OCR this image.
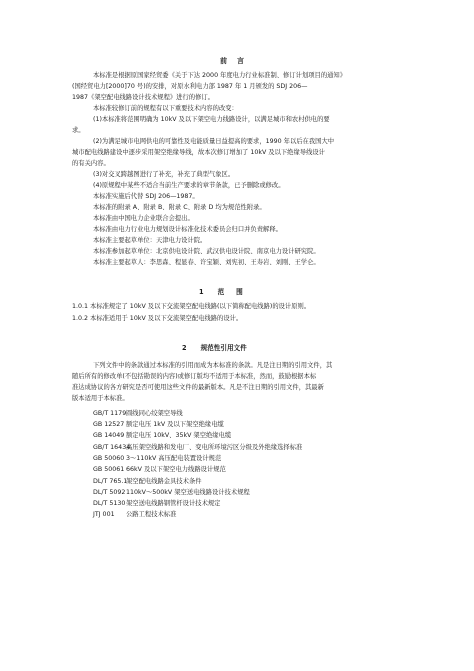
前言
本标准是根据原国家经贸委《关于下达 2000 年度电力行业标准制、修订计划项目的通知》
(国经贸电力[2000]70 号)的安排，对原水利电力部 1987 年 1 月颁发的 SDJ 206—
1987《架空配电线路设计技术规程》进行的修订。
本标准较修订前的规程有以下重要技术内容的改变：
(1)本标准将范围明确为 10kV 及以下架空电力线路设计，以满足城市和农村供电的要
求。
(2)为满足城市电网供电的可靠性及电能质量日益提高的要求，1990 年以后在我国大中
城市配电线路建设中逐步采用架空绝缘导线，故本次修订增加了 10kV 及以下绝缘导线设计
的有关内容。
(3)对交叉跨越图进行了补充，补充了典型气象区。
(4)原规程中某些不适合当前生产要求的章节条款，已予删除或修改。
本标准实施后代替 SDJ 206—1987。
本标准的附录 A、附录 B、附录 C、附录 D 均为规范性附录。
本标准由中国电力企业联合会提出。
本标准由电力行业电力规划设计标准化技术委员会归口并负责解释。
本标准主要起草单位：天津电力设计院。
本标准参加起草单位：北京供电设计院、武汉供电设计院、南京电力设计研究院。
本标准主要起草人：李思森、程显春、许宝颖、刘宪初、王寿岩、刘刚、王学仑。
1 范围
1.0.1 本标准规定了 10kV 及以下交流架空配电线路(以下简称配电线路)的设计原则。
1.0.2 本标准适用于 10kV 及以下交流架空配电线路的设计。
2 规范性引用文件
下列文件中的条款通过本标准的引用而成为本标准的条款。凡是注日期的引用文件，其
随后所有的修改单(不包括勘误的内容)或修订版均不适用于本标准，然而，鼓励根据本标
准达成协议的各方研究是否可使用这些文件的最新版本。凡是不注日期的引用文件，其最新
版本适用于本标准。
GB/T 1179圆线同心绞架空导线
GB 12527 额定电压 1kV 及以下架空绝缘电缆
GB 14049 额定电压 10kV、35kV 架空绝缘电缆
GB/T 16434高压架空线路和发电厂、变电所环境污区分级及外绝缘选择标准
GB 50060 3～110kV 高压配电装置设计规范
GB 50061 66kV 及以下架空电力线路设计规范
DL/T 765.1架空配电线路金具技术条件
DL/T 5092110kV～500kV 架空送电线路设计技术规程
DL/T 5130架空送电线路钢管杆设计技术规定
JTJ 001 公路工程技术标准
